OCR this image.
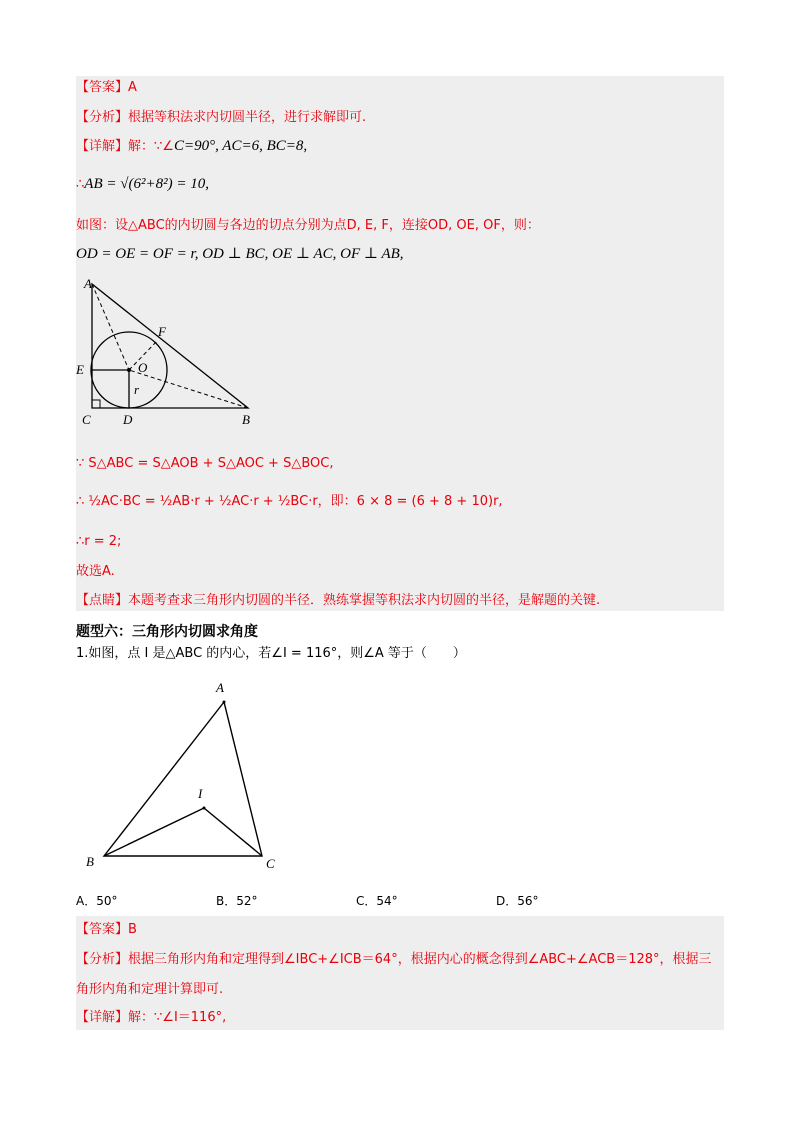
【答案】A
【分析】根据等积法求内切圆半径，进行求解即可.
【详解】解：∵∠C=90°, AC=6, BC=8,
∴AB = √(6²+8²) = 10,
如图：设△ABC的内切圆与各边的切点分别为点D, E, F，连接OD, OE, OF，则：
OD = OE = OF = r, OD ⊥ BC, OE ⊥ AC, OF ⊥ AB,
A
E
C D	B
F
O
r
∵ S△ABC = S△AOB + S△AOC + S△BOC,
∴ ½AC·BC = ½AB·r + ½AC·r + ½BC·r，即：6 × 8 = (6 + 8 + 10)r,
∴r = 2;
故选A.
【点睛】本题考查求三角形内切圆的半径．熟练掌握等积法求内切圆的半径，是解题的关键.
题型六：三角形内切圆求角度
1.如图，点 I 是△ABC 的内心，若∠I = 116°，则∠A 等于（　　）
A
I
B	C
A．50°	B．52°	C．54°	D．56°
【答案】B
【分析】根据三角形内角和定理得到∠IBC+∠ICB＝64°，根据内心的概念得到∠ABC+∠ACB＝128°，根据三
角形内角和定理计算即可.
【详解】解：∵∠I＝116°,
